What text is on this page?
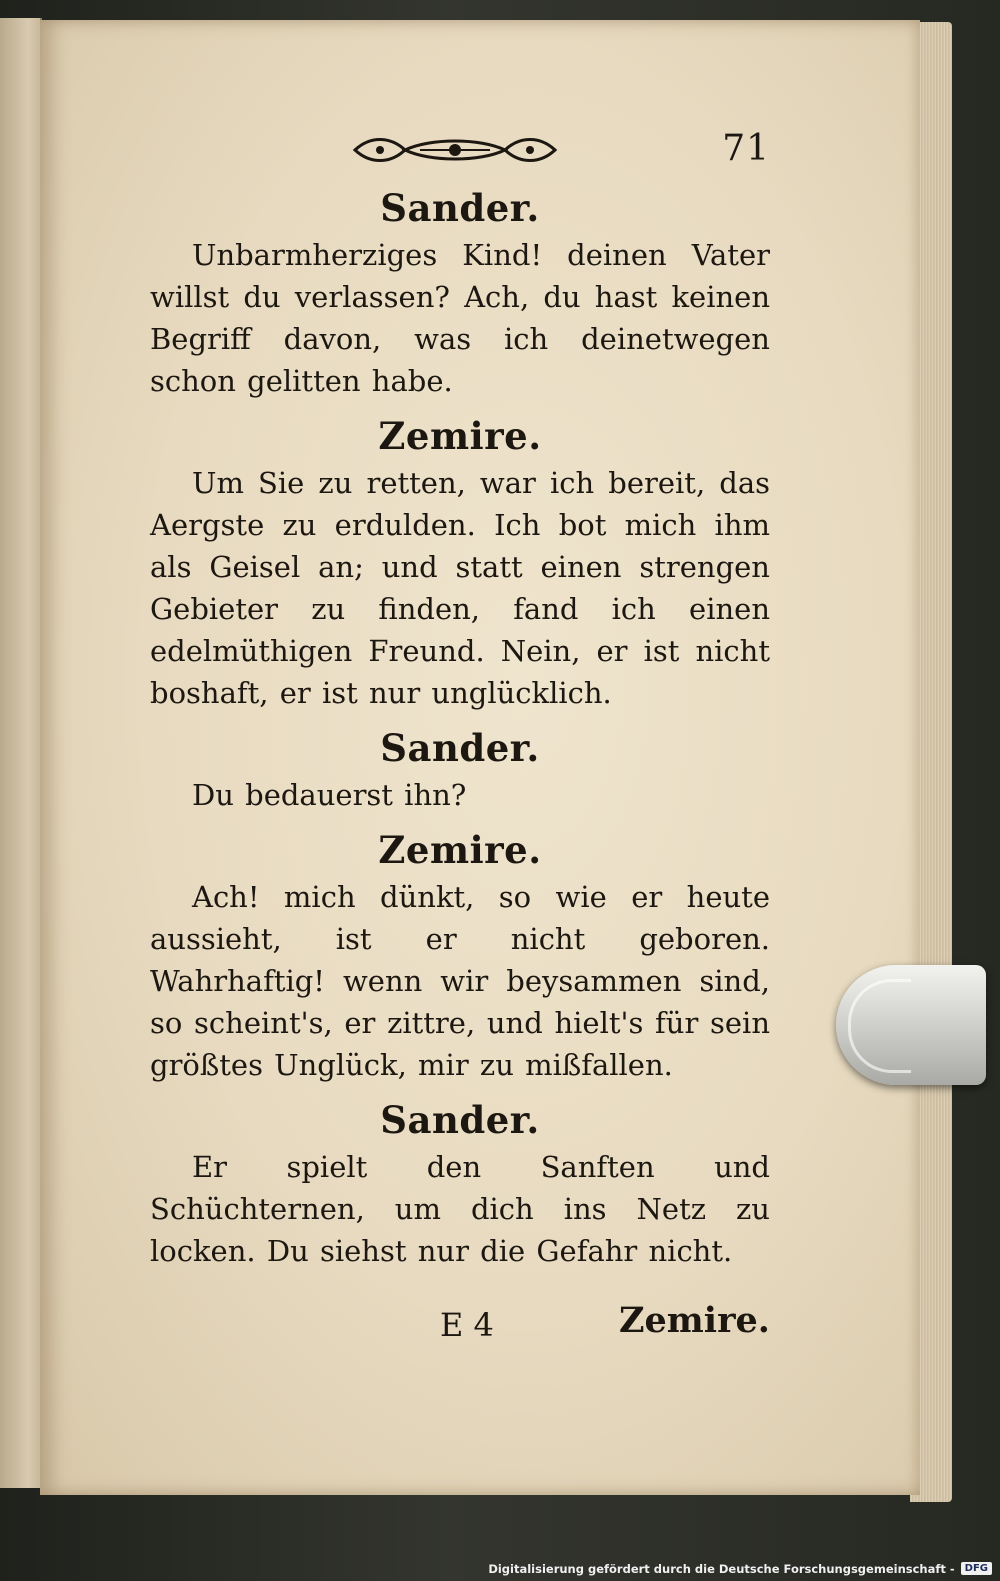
71
Sander.

Unbarmherziges Kind! deinen Vater willst du verlassen? Ach, du hast keinen Begriff davon, was ich deinetwegen schon gelitten habe.

Zemire.

Um Sie zu retten, war ich bereit, das Aergste zu erdulden. Ich bot mich ihm als Geisel an; und statt einen strengen Gebieter zu finden, fand ich einen edelmüthigen Freund. Nein, er ist nicht boshaft, er ist nur unglücklich.

Sander.

Du bedauerst ihn?

Zemire.

Ach! mich dünkt, so wie er heute aussieht, ist er nicht geboren. Wahrhaftig! wenn wir beysammen sind, so scheint's, er zittre, und hielt's für sein größtes Unglück, mir zu mißfallen.

Sander.

Er spielt den Sanften und Schüchternen, um dich ins Netz zu locken. Du siehst nur die Gefahr nicht.

E 4	Zemire.
Digitalisierung gefördert durch die Deutsche Forschungsgemeinschaft -	DFG
